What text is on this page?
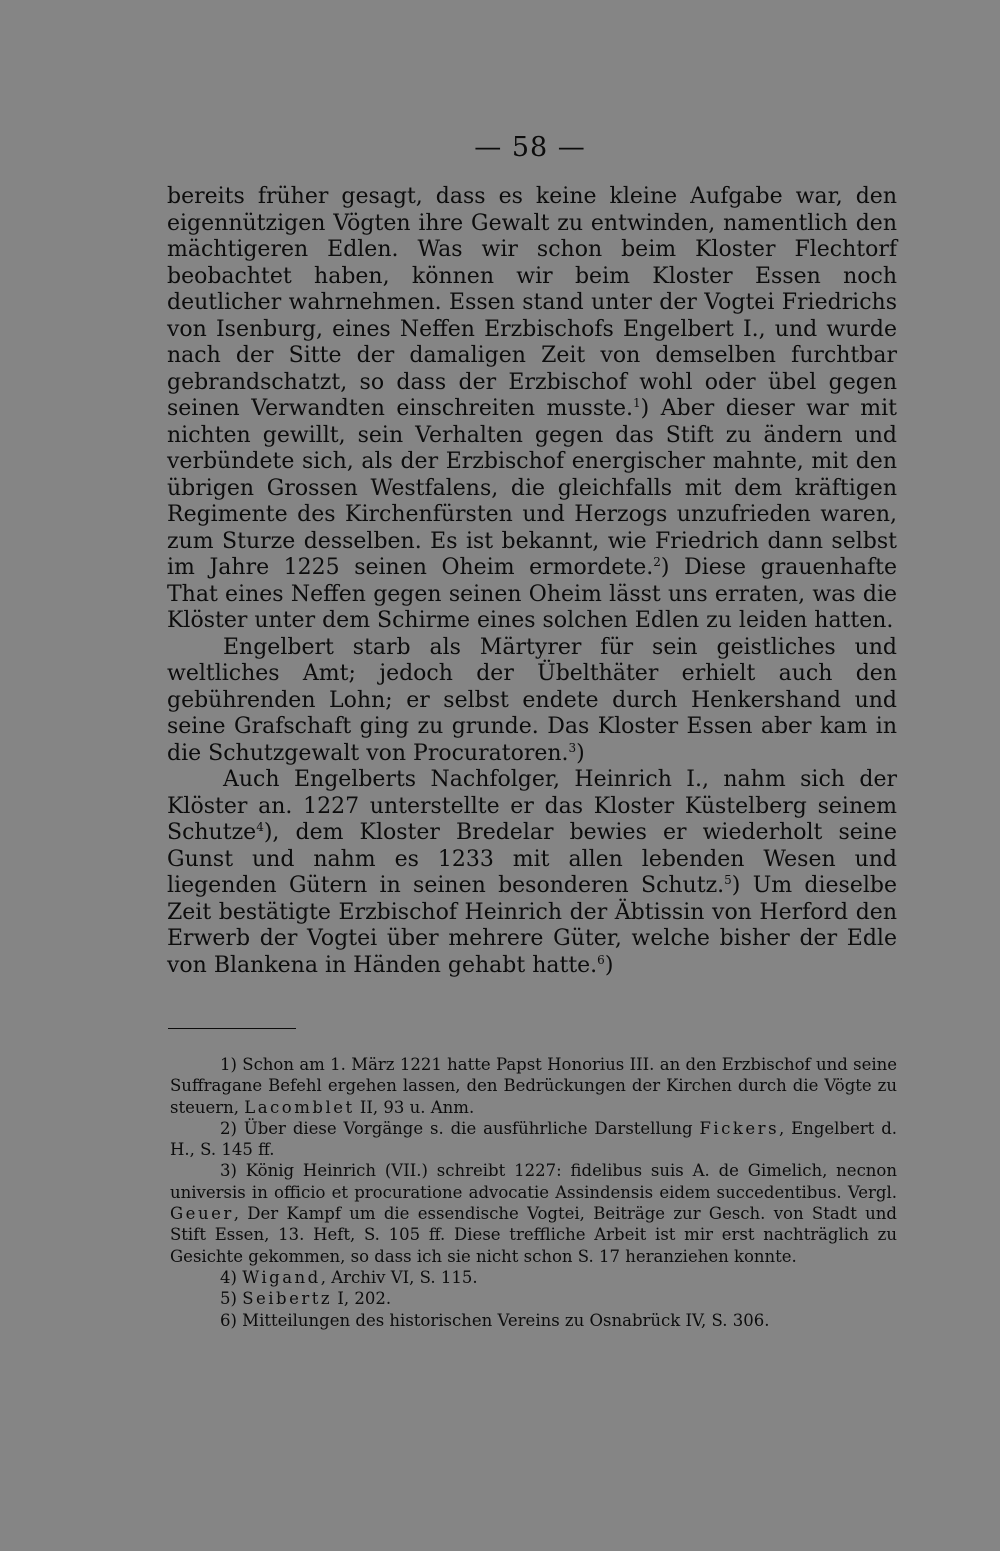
— 58 —

bereits früher gesagt, dass es keine kleine Aufgabe war, den eigennützigen Vögten ihre Gewalt zu entwinden, namentlich den mächtigeren Edlen. Was wir schon beim Kloster Flechtorf beobachtet haben, können wir beim Kloster Essen noch deutlicher wahrnehmen. Essen stand unter der Vogtei Friedrichs von Isenburg, eines Neffen Erzbischofs Engelbert I., und wurde nach der Sitte der damaligen Zeit von demselben furchtbar gebrandschatzt, so dass der Erzbischof wohl oder übel gegen seinen Verwandten einschreiten musste.$^1$) Aber dieser war mit nichten gewillt, sein Verhalten gegen das Stift zu ändern und verbündete sich, als der Erzbischof energischer mahnte, mit den übrigen Grossen Westfalens, die gleichfalls mit dem kräftigen Regimente des Kirchenfürsten und Herzogs unzufrieden waren, zum Sturze desselben. Es ist bekannt, wie Friedrich dann selbst im Jahre 1225 seinen Oheim ermordete.$^2$) Diese grauenhafte That eines Neffen gegen seinen Oheim lässt uns erraten, was die Klöster unter dem Schirme eines solchen Edlen zu leiden hatten.

Engelbert starb als Märtyrer für sein geistliches und weltliches Amt; jedoch der Übelthäter erhielt auch den gebührenden Lohn; er selbst endete durch Henkershand und seine Grafschaft ging zu grunde. Das Kloster Essen aber kam in die Schutzgewalt von Procuratoren.$^3$)

Auch Engelberts Nachfolger, Heinrich I., nahm sich der Klöster an. 1227 unterstellte er das Kloster Küstelberg seinem Schutze$^4$), dem Kloster Bredelar bewies er wiederholt seine Gunst und nahm es 1233 mit allen lebenden Wesen und liegenden Gütern in seinen besonderen Schutz.$^5$) Um dieselbe Zeit bestätigte Erzbischof Heinrich der Äbtissin von Herford den Erwerb der Vogtei über mehrere Güter, welche bisher der Edle von Blankena in Händen gehabt hatte.$^6$)

1) Schon am 1. März 1221 hatte Papst Honorius III. an den Erzbischof und seine Suffragane Befehl ergehen lassen, den Bedrückungen der Kirchen durch die Vögte zu steuern, Lacomblet II, 93 u. Anm.

2) Über diese Vorgänge s. die ausführliche Darstellung Fickers, Engelbert d. H., S. 145 ff.

3) König Heinrich (VII.) schreibt 1227: fidelibus suis A. de Gimelich, necnon universis in officio et procuratione advocatie Assindensis eidem succedentibus. Vergl. Geuer, Der Kampf um die essendische Vogtei, Beiträge zur Gesch. von Stadt und Stift Essen, 13. Heft, S. 105 ff. Diese treffliche Arbeit ist mir erst nachträglich zu Gesichte gekommen, so dass ich sie nicht schon S. 17 heranziehen konnte.

4) Wigand, Archiv VI, S. 115.

5) Seibertz I, 202.

6) Mitteilungen des historischen Vereins zu Osnabrück IV, S. 306.
